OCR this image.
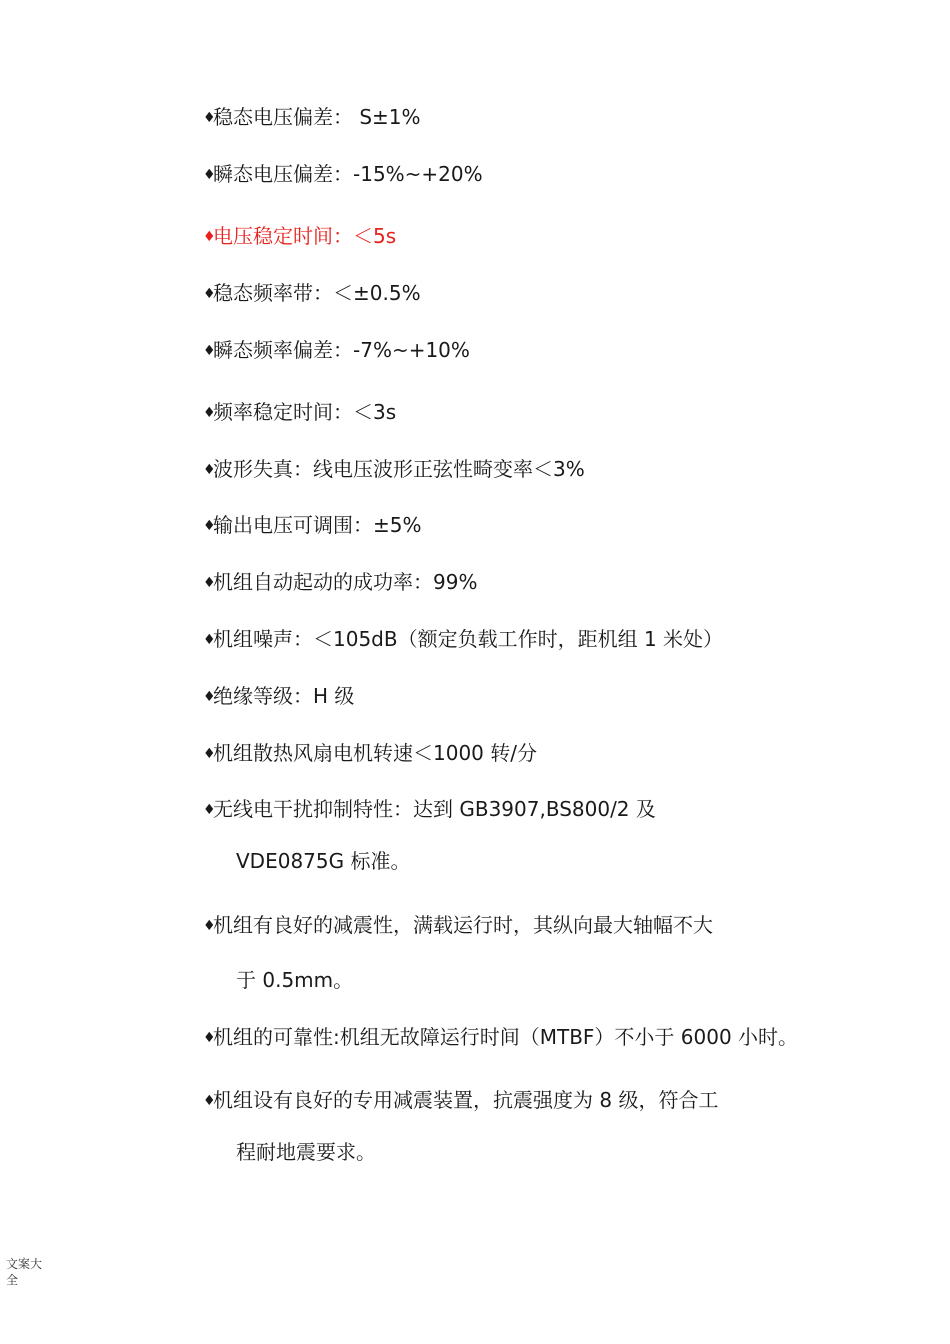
♦稳态电压偏差： S±1%
♦瞬态电压偏差：-15%~+20%
♦电压稳定时间：＜5s
♦稳态频率带：＜±0.5%
♦瞬态频率偏差：-7%~+10%
♦频率稳定时间：＜3s
♦波形失真：线电压波形正弦性畸变率＜3%
♦输出电压可调围：±5%
♦机组自动起动的成功率：99%
♦机组噪声：＜105dB（额定负载工作时，距机组 1 米处）
♦绝缘等级：H 级
♦机组散热风扇电机转速＜1000 转/分
♦无线电干扰抑制特性：达到 GB3907,BS800/2 及
VDE0875G 标准。
♦机组有良好的减震性，满载运行时，其纵向最大轴幅不大
于 0.5mm。
♦机组的可靠性:机组无故障运行时间（MTBF）不小于 6000 小时。
♦机组设有良好的专用减震装置，抗震强度为 8 级，符合工
程耐地震要求。
文案大全
